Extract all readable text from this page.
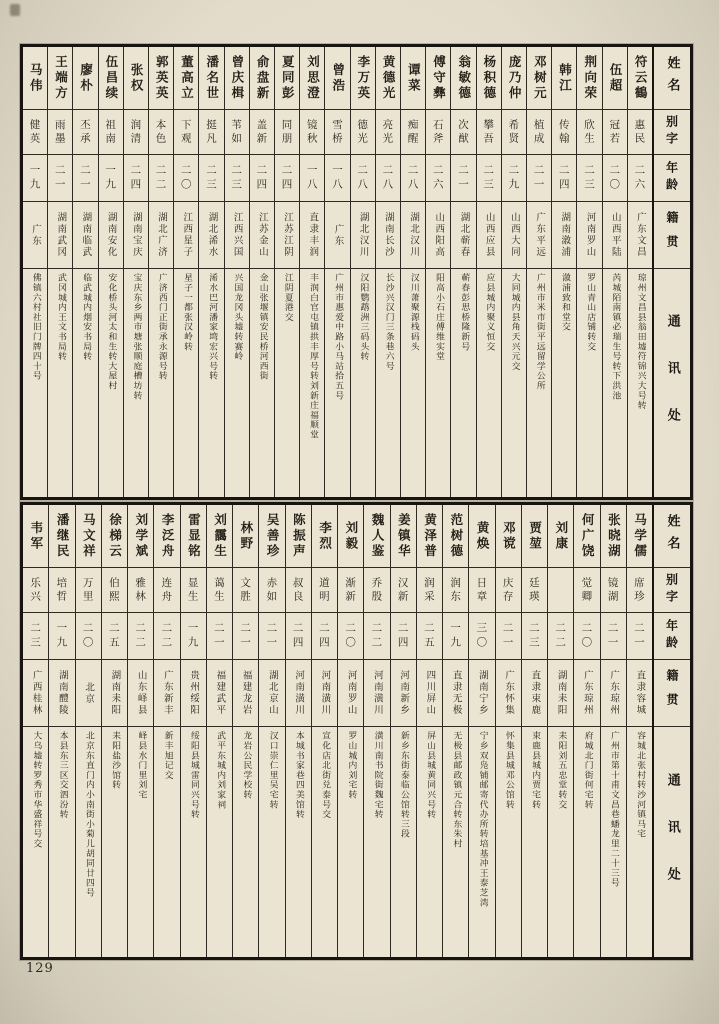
姓名
别字
年龄
籍贯
通讯处
符云鶴
惠民
二六
广东文昌
琼州文昌县翁田墟符锦兴大号转
伍超
冠若
二〇
山西平陆
芮城陌南镇必瑞生号转下洪池
荆向荣
欣生
二三
河南罗山
罗山青山店铺转交
韩江
传翰
二四
湖南漵浦
漵浦致和堂交
邓树元
植成
二一
广东平远
广州市米市街平远留学公所
庞乃仲
希贤
二九
山西大同
大同城内县角天兴元交
杨积德
攀吾
二三
山西应县
应县城内聚义恒交
翁敏德
次猷
二一
湖北蕲春
蕲春彭思桥隆新号
傅守彝
石斧
二六
山西阳高
阳高小石庄傅维实堂
谭菜
痴醒
二八
湖北汉川
汉川萧聚源栈码头
黄德光
亮光
二八
湖南长沙
长沙兴汉门三条巷六号
李万英
德光
二八
湖北汉川
汉阳鹦鹉洲三码头转
曾浩
雪桥
一八
广东
广州市惠爱中路小马站拾五号
刘思澄
镜秋
一八
直隶丰润
丰润白官屯镇拱丰厚号转刘新庄福顺堂
夏同彭
同朋
二四
江苏江阴
江阴夏港交
俞盘新
盖新
二四
江苏金山
金山张堰镇安民桥河西街
曾庆楫
苇如
二三
江西兴国
兴国龙冈头墟转赛岭
潘名世
挺凡
二三
湖北浠水
浠水巴河潘家塆宏兴号转
董高立
下观
二〇
江西星子
星子一都张汉岭转
郭英英
本色
二二
湖北广济
广济西门正街承永源号转
张权
润清
二四
湖南宝庆
宝庆东乡两市塘张顺庭槽坊转
伍昌续
祖南
一九
湖南安化
安化桥头河太和生转大屋村
廖朴
丕承
二一
湖南临武
临武城内烟安书局转
王端方
雨墨
二一
湖南武冈
武冈城内王文书局转
马伟
健英
一九
广东
佛镇六村社旧门牌四十号
姓名
别字
年龄
籍贯
通讯处
马学儒
席珍
二一
直隶容城
容城北张村转沙河镇马宅
张晓湖
镜湖
二一
广东琼州
广州市第十甫文昌巷蟠龙里二十三号
何广饶
觉卿
二〇
广东琼州
府城北门街何宅转
刘康
二二
湖南耒阳
耒阳刘五忠堂转交
贾堃
廷瑛
二三
直隶束鹿
束鹿县城内贾宅转
邓谠
庆存
二一
广东怀集
怀集县城邓公馆转
黄焕
日章
三〇
湖南宁乡
宁乡双凫铺邮寄代办所转培基冲王泰芝湾
范树德
润东
一九
直隶无极
无极县邮政镇元合转东朱村
黄泽普
润采
二五
四川屏山
屏山县城黄同兴号转
姜镇华
汉新
二四
河南新乡
新乡东街泰临公馆转三段
魏人鉴
乔殷
二二
河南潢川
潢川南书院街魏宅转
刘毅
渐新
二〇
河南罗山
罗山城内刘宅转
李烈
道明
二四
河南潢川
宣化店北街兑泰号交
陈振声
叔良
二四
河南潢川
本城书家巷四美馆转
吴善珍
赤如
二一
湖北京山
汉口崇仁里吴宅转
林野
文胜
二一
福建龙岩
龙岩公民学校转
刘靄生
蔼生
二一
福建武平
武平东城内刘家祠
雷显铭
显生
一九
贵州绥阳
绥阳县城雷同兴号转
李泛舟
连舟
二二
广东新丰
新丰旭记交
刘学斌
雅林
二二
山东峄县
峄县水门里刘宅
徐梯云
伯熙
二五
湖南耒阳
耒阳盐沙馆转
马文祥
万里
二〇
北京
北京东直门内小南街小菊儿胡同廿四号
潘继民
培哲
一九
湖南醴陵
本县东三区交泗汾转
韦军
乐兴
二三
广西桂林
大乌墟转罗秀市华盛祥号交
129
